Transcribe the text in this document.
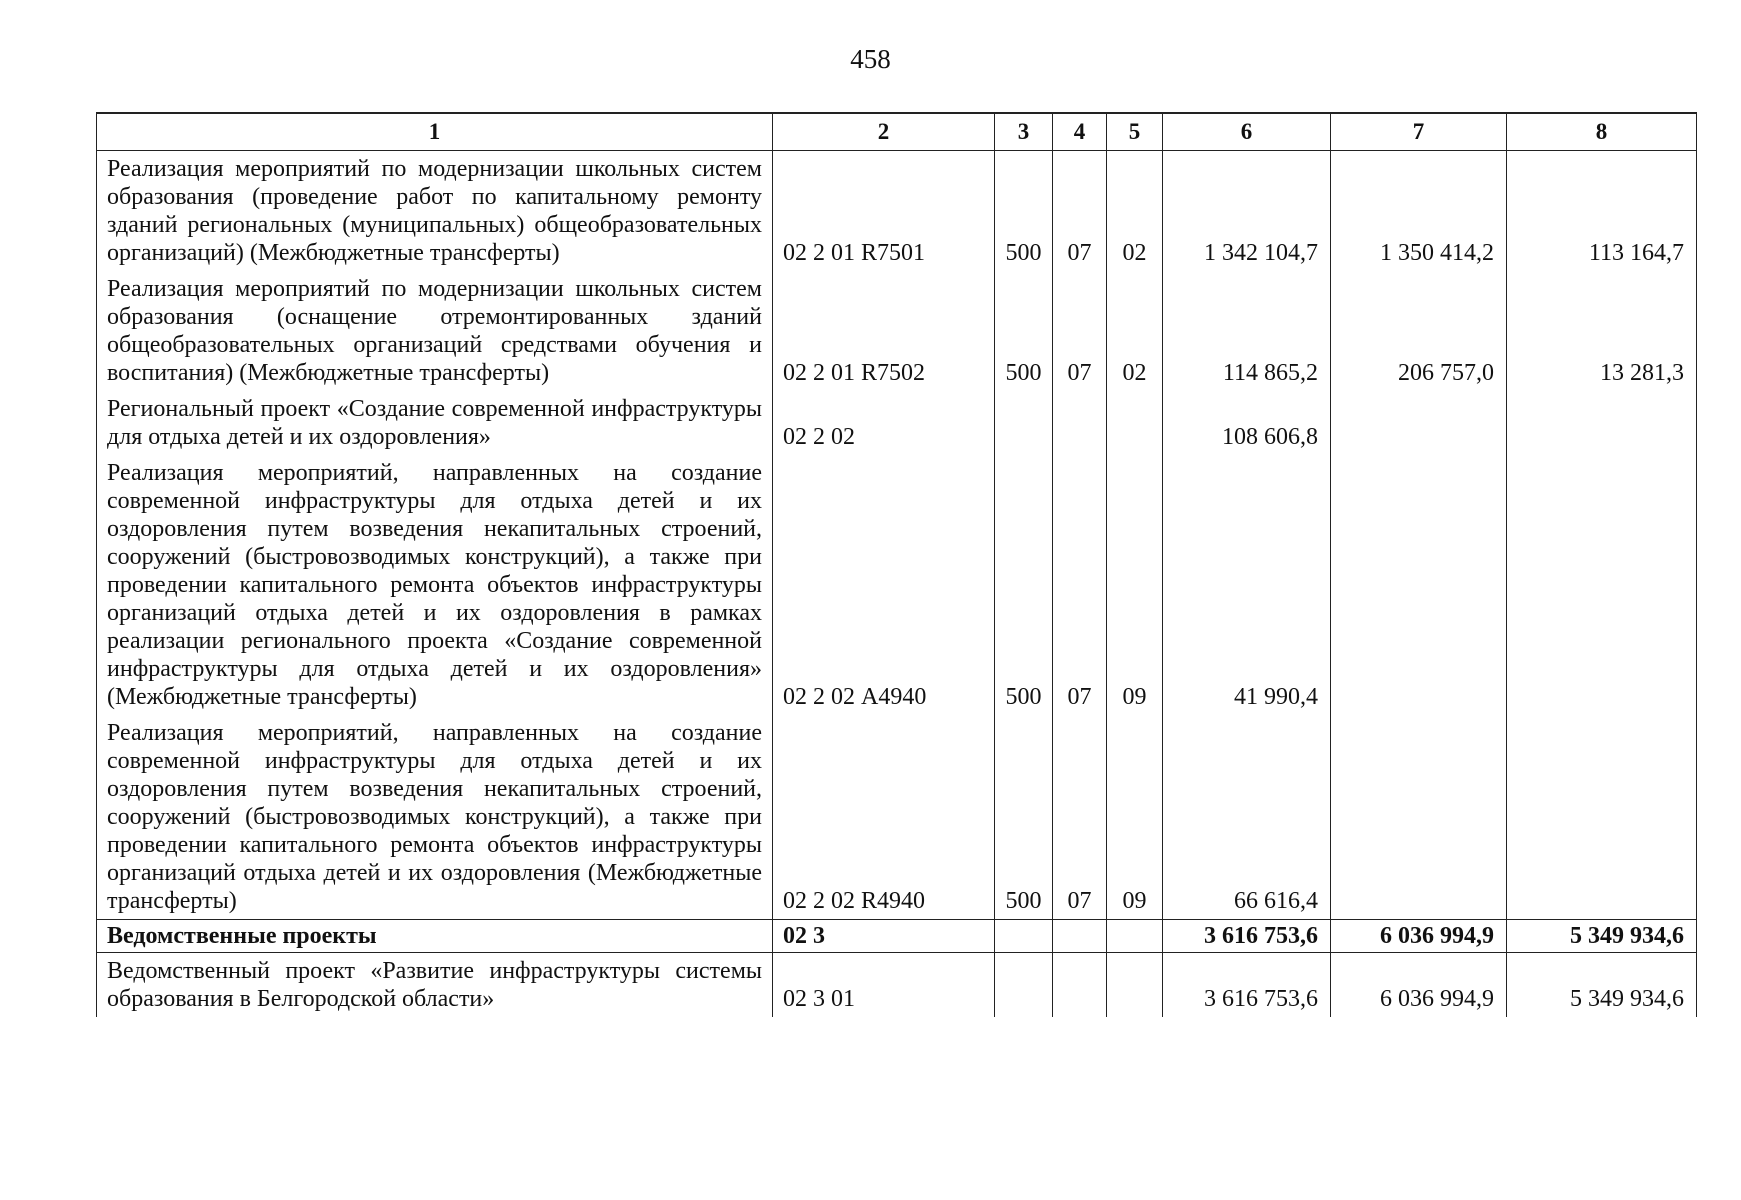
458
1	2	3	4	5	6	7	8
Реализация мероприятий по модернизации школьных систем образования (проведение работ по капитальному ремонту зданий региональных (муниципальных) общеобразовательных организаций) (Межбюджетные трансферты)	02 2 01 R7501	500	07	02	1 342 104,7	1 350 414,2	113 164,7
Реализация мероприятий по модернизации школьных систем образования (оснащение отремонтированных зданий общеобразовательных организаций средствами обучения и воспитания) (Межбюджетные трансферты)	02 2 01 R7502	500	07	02	114 865,2	206 757,0	13 281,3
Региональный проект «Создание современной инфраструктуры для отдыха детей и их оздоровления»	02 2 02				108 606,8		
Реализация мероприятий, направленных на создание современной инфраструктуры для отдыха детей и их оздоровления путем возведения некапитальных строений, сооружений (быстровозводимых конструкций), а также при проведении капитального ремонта объектов инфраструктуры организаций отдыха детей и их оздоровления в рамках реализации регионального проекта «Создание современной инфраструктуры для отдыха детей и их оздоровления» (Межбюджетные трансферты)	02 2 02 А4940	500	07	09	41 990,4		
Реализация мероприятий, направленных на создание современной инфраструктуры для отдыха детей и их оздоровления путем возведения некапитальных строений, сооружений (быстровозводимых конструкций), а также при проведении капитального ремонта объектов инфраструктуры организаций отдыха детей и их оздоровления (Межбюджетные трансферты)	02 2 02 R4940	500	07	09	66 616,4		
Ведомственные проекты	02 3				3 616 753,6	6 036 994,9	5 349 934,6
Ведомственный проект «Развитие инфраструктуры системы образования в Белгородской области»	02 3 01				3 616 753,6	6 036 994,9	5 349 934,6
